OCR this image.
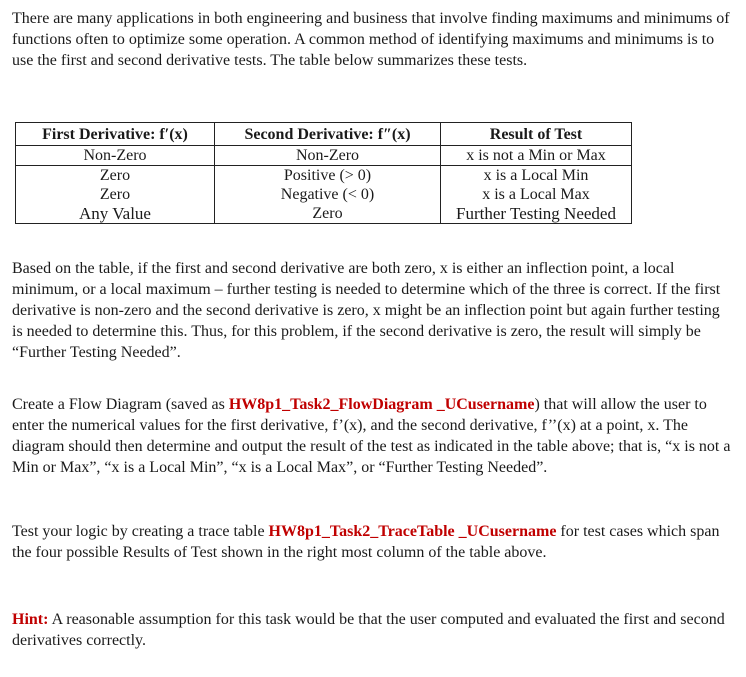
There are many applications in both engineering and business that involve finding maximums and minimums of functions often to optimize some operation. A common method of identifying maximums and minimums is to use the first and second derivative tests. The table below summarizes these tests.

First Derivative: f′(x)	Second Derivative: f″(x)	Result of Test
Non-Zero	Non-Zero	x is not a Min or Max
Zero	Positive (> 0)	x is a Local Min
Zero	Negative (< 0)	x is a Local Max
Any Value	Zero	Further Testing Needed

Based on the table, if the first and second derivative are both zero, x is either an inflection point, a local minimum, or a local maximum – further testing is needed to determine which of the three is correct. If the first derivative is non-zero and the second derivative is zero, x might be an inflection point but again further testing is needed to determine this. Thus, for this problem, if the second derivative is zero, the result will simply be “Further Testing Needed”.

Create a Flow Diagram (saved as HW8p1_Task2_FlowDiagram _UCusername) that will allow the user to enter the numerical values for the first derivative, f’(x), and the second derivative, f’’(x) at a point, x. The diagram should then determine and output the result of the test as indicated in the table above; that is, “x is not a Min or Max”, “x is a Local Min”, “x is a Local Max”, or “Further Testing Needed”.

Test your logic by creating a trace table HW8p1_Task2_TraceTable _UCusername for test cases which span the four possible Results of Test shown in the right most column of the table above.

Hint: A reasonable assumption for this task would be that the user computed and evaluated the first and second derivatives correctly.
